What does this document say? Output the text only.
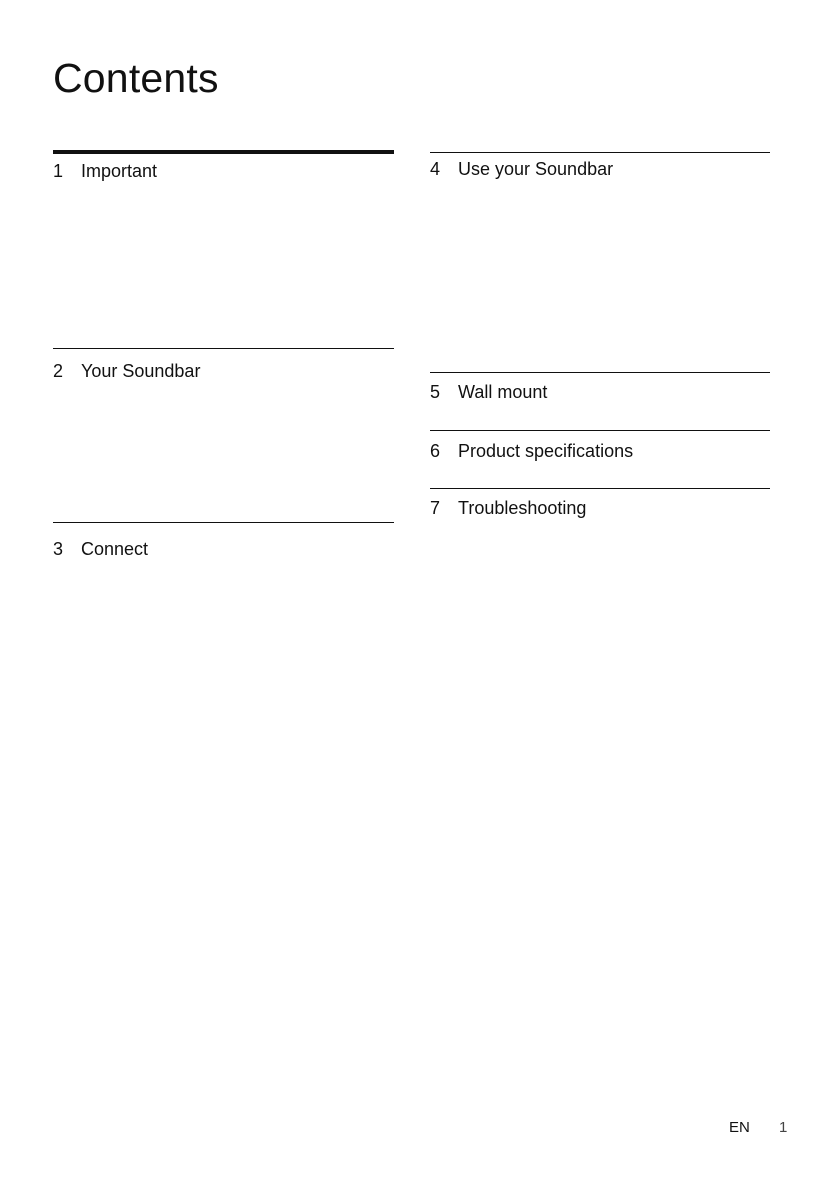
Contents
1 Important
2 Your Soundbar
3 Connect
4 Use your Soundbar
5 Wall mount
6 Product specifications
7 Troubleshooting
EN 1
